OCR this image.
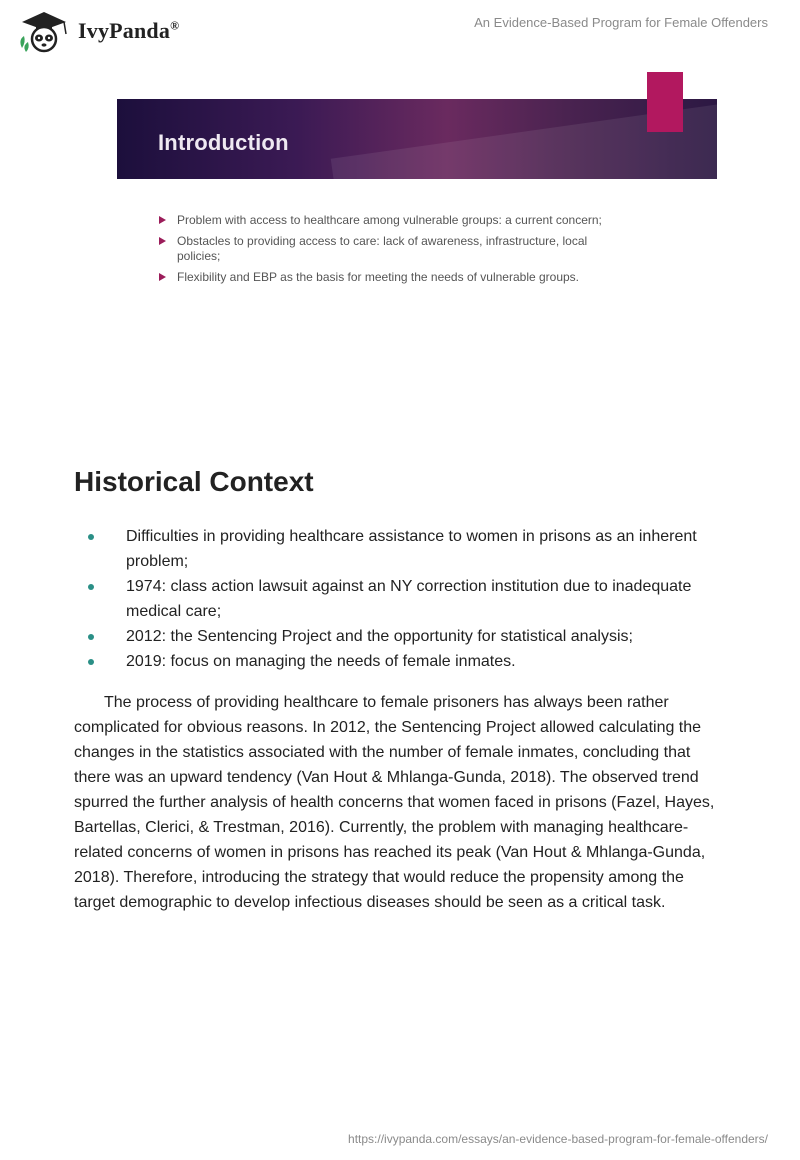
IvyPanda®	An Evidence-Based Program for Female Offenders
Introduction
Problem with access to healthcare among vulnerable groups: a current concern;
Obstacles to providing access to care: lack of awareness, infrastructure, local policies;
Flexibility and EBP as the basis for meeting the needs of vulnerable groups.
Historical Context
Difficulties in providing healthcare assistance to women in prisons as an inherent problem;
1974: class action lawsuit against an NY correction institution due to inadequate medical care;
2012: the Sentencing Project and the opportunity for statistical analysis;
2019: focus on managing the needs of female inmates.

The process of providing healthcare to female prisoners has always been rather complicated for obvious reasons. In 2012, the Sentencing Project allowed calculating the changes in the statistics associated with the number of female inmates, concluding that there was an upward tendency (Van Hout & Mhlanga-Gunda, 2018). The observed trend spurred the further analysis of health concerns that women faced in prisons (Fazel, Hayes, Bartellas, Clerici, & Trestman, 2016). Currently, the problem with managing healthcare-related concerns of women in prisons has reached its peak (Van Hout & Mhlanga-Gunda, 2018). Therefore, introducing the strategy that would reduce the propensity among the target demographic to develop infectious diseases should be seen as a critical task.

https://ivypanda.com/essays/an-evidence-based-program-for-female-offenders/
